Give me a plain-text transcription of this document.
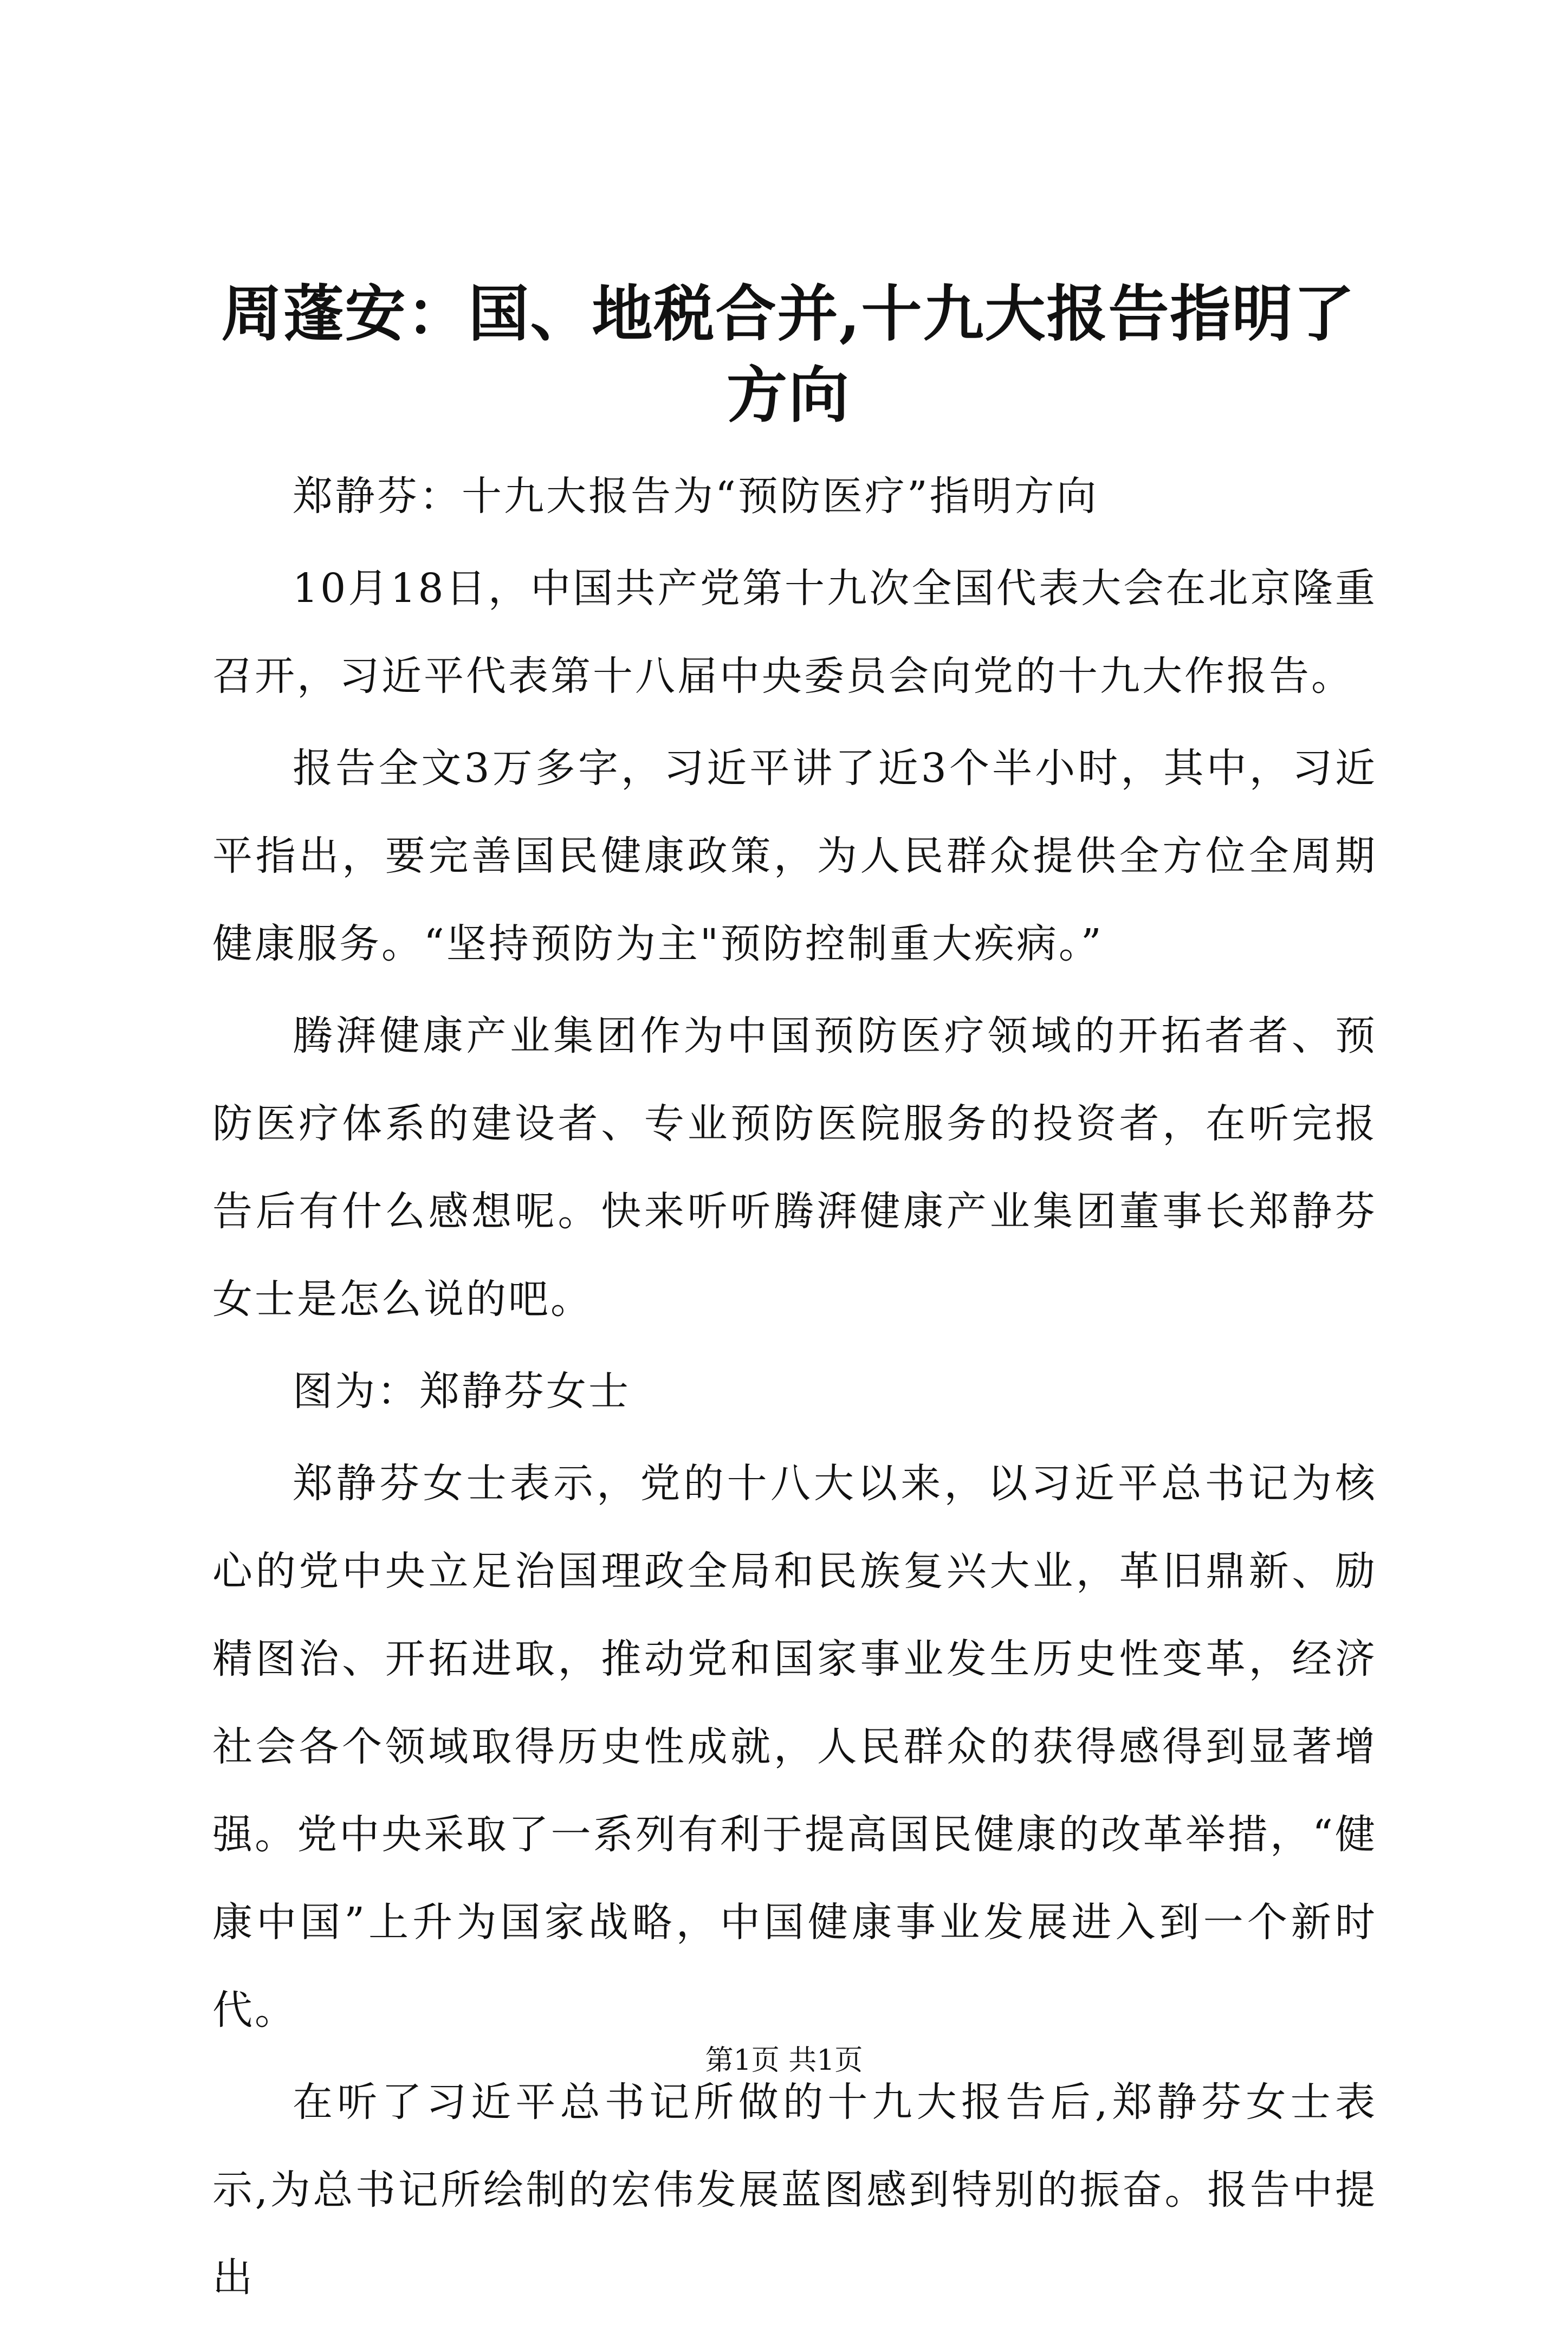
周蓬安：国、地税合并,十九大报告指明了方向

郑静芬：十九大报告为“预防医疗”指明方向

10月18日，中国共产党第十九次全国代表大会在北京隆重召开，习近平代表第十八届中央委员会向党的十九大作报告。

报告全文3万多字，习近平讲了近3个半小时，其中，习近平指出，要完善国民健康政策，为人民群众提供全方位全周期健康服务。“坚持预防为主"预防控制重大疾病。”

腾湃健康产业集团作为中国预防医疗领域的开拓者者、预防医疗体系的建设者、专业预防医院服务的投资者，在听完报告后有什么感想呢。快来听听腾湃健康产业集团董事长郑静芬女士是怎么说的吧。

图为：郑静芬女士

郑静芬女士表示，党的十八大以来，以习近平总书记为核心的党中央立足治国理政全局和民族复兴大业，革旧鼎新、励精图治、开拓进取，推动党和国家事业发生历史性变革，经济社会各个领域取得历史性成就，人民群众的获得感得到显著增强。党中央采取了一系列有利于提高国民健康的改革举措，“健康中国”上升为国家战略，中国健康事业发展进入到一个新时代。

在听了习近平总书记所做的十九大报告后,郑静芬女士表示,为总书记所绘制的宏伟发展蓝图感到特别的振奋。报告中提出

第1页 共1页
